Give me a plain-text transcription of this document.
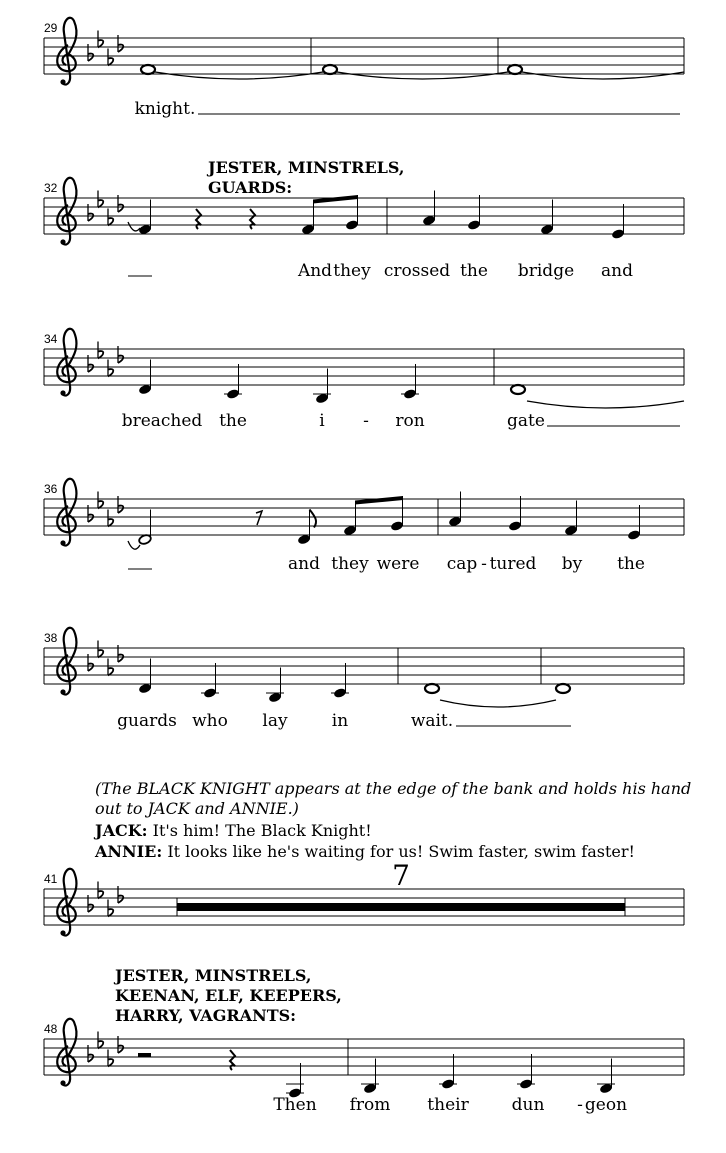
JESTER, MINSTRELS,
GUARDS:
JESTER, MINSTRELS,
KEENAN, ELF, KEEPERS,
HARRY, VAGRANTS:
(The BLACK KNIGHT appears at the edge of the bank and holds his hand
out to JACK and ANNIE.)
JACK: It's him! The Black Knight!
ANNIE: It looks like he's waiting for us! Swim faster, swim faster!
29
32
34
36
38
41	7
48
knight.
And they crossed the bridge and
breached the	i - ron	gate
and they were cap - tured by the
guards who lay	in	wait.
Then from their	dun - geon
